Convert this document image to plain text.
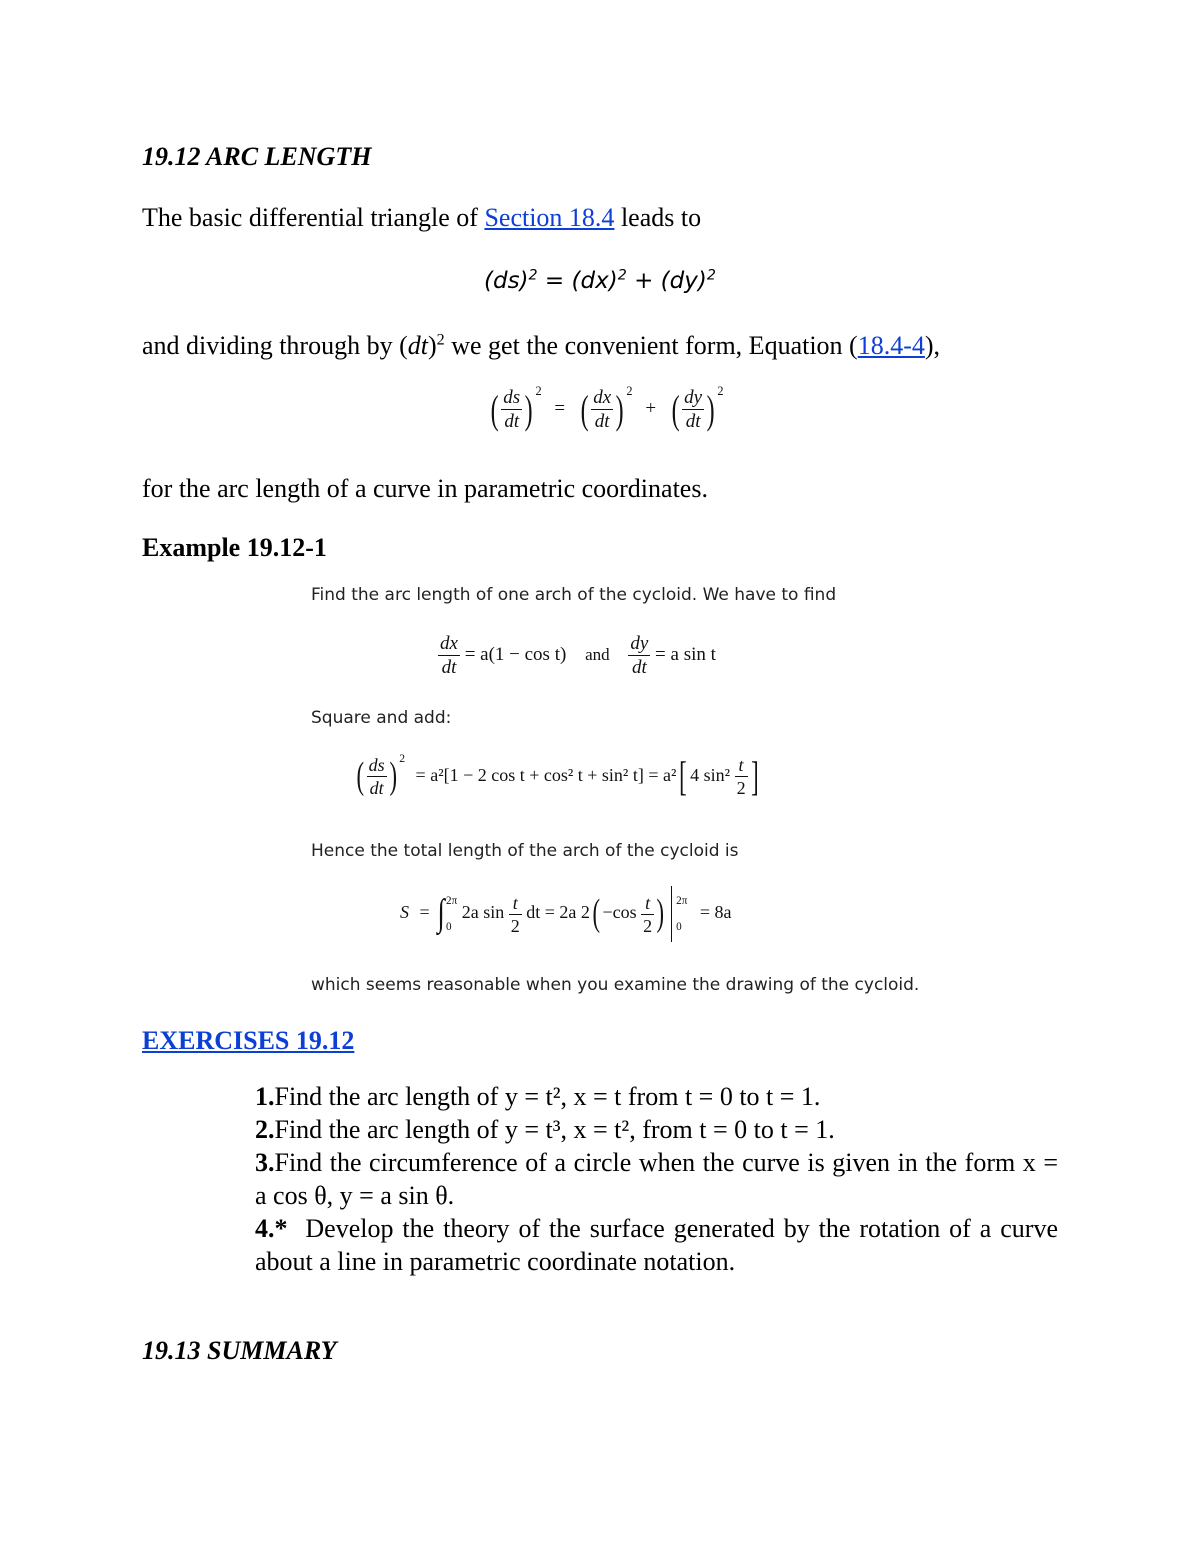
19.12 ARC LENGTH
The basic differential triangle of Section 18.4 leads to
(ds)$^2$ = (dx)$^2$ + (dy)$^2$
and dividing through by (dt)$^2$ we get the convenient form, Equation (18.4-4),
( $\frac{ds}{dt}$ ) 2 = ( $\frac{dx}{dt}$ ) 2 + ( $\frac{dy}{dt}$ ) 2
for the arc length of a curve in parametric coordinates.
Example 19.12-1
Find the arc length of one arch of the cycloid. We have to find
$\frac{dx}{dt} = a(1 - \cos t)$ and $\frac{dy}{dt} = a$ sin t
Square and add:
( $\frac{ds}{dt}$ ) 2 = a²[1 − 2 cos t + cos² t + sin² t] = a²[ 4 $\sin^2 \frac{t}{2}$ ]
Hence the total length of the arch of the cycloid is
S = ∫ 2π
0
2a $\sin \frac{t}{2}$ dt = 2a $2( -\cos \frac{t}{2}$ ) 2π
0
= 8a
which seems reasonable when you examine the drawing of the cycloid.
EXERCISES 19.12

1.Find the arc length of y = t², x = t from t = 0 to t = 1.

2.Find the arc length of y = t³, x = t², from t = 0 to t = 1.

3.Find the circumference of a circle when the curve is given in the form x = a cos θ, y = a sin θ.

4.*  Develop the theory of the surface generated by the rotation of a curve about a line in parametric coordinate notation.

19.13 SUMMARY
